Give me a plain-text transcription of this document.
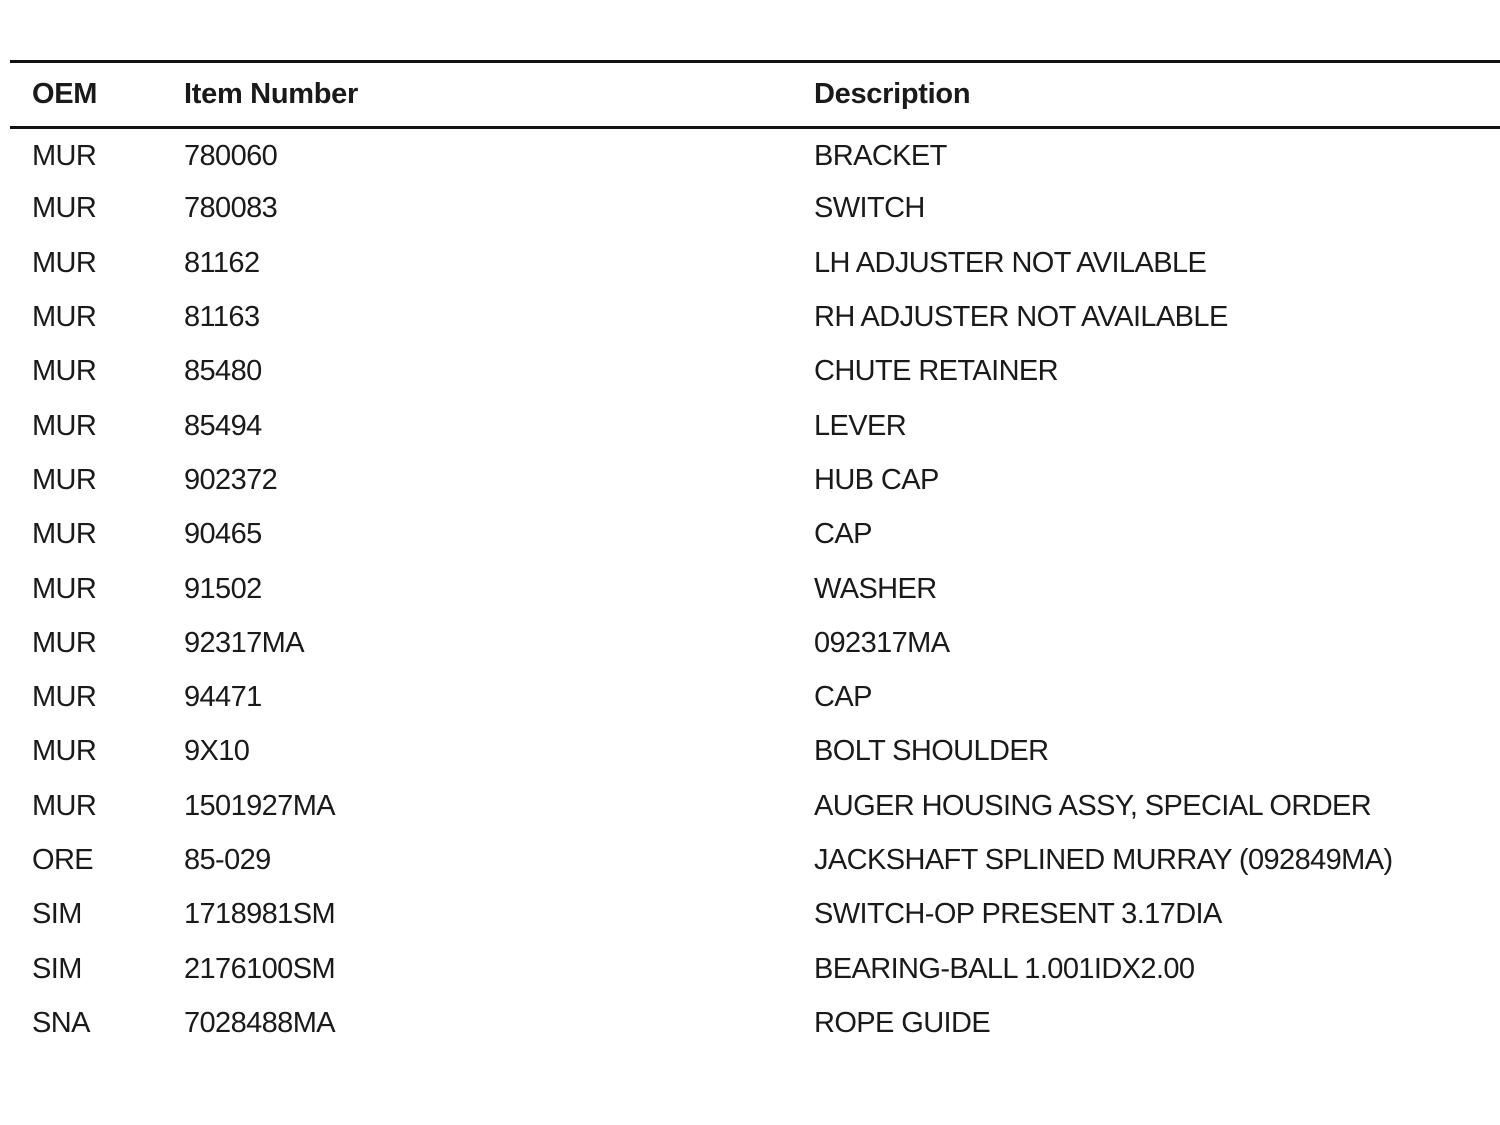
OEM	Item Number	Description
MUR	780060	BRACKET
MUR	780083	SWITCH
MUR	81162	LH ADJUSTER NOT AVILABLE
MUR	81163	RH ADJUSTER NOT AVAILABLE
MUR	85480	CHUTE RETAINER
MUR	85494	LEVER
MUR	902372	HUB CAP
MUR	90465	CAP
MUR	91502	WASHER
MUR	92317MA	092317MA
MUR	94471	CAP
MUR	9X10	BOLT SHOULDER
MUR	1501927MA	AUGER HOUSING ASSY, SPECIAL ORDER
ORE	85-029	JACKSHAFT SPLINED MURRAY (092849MA)
SIM	1718981SM	SWITCH-OP PRESENT 3.17DIA
SIM	2176100SM	BEARING-BALL 1.001IDX2.00
SNA	7028488MA	ROPE GUIDE
